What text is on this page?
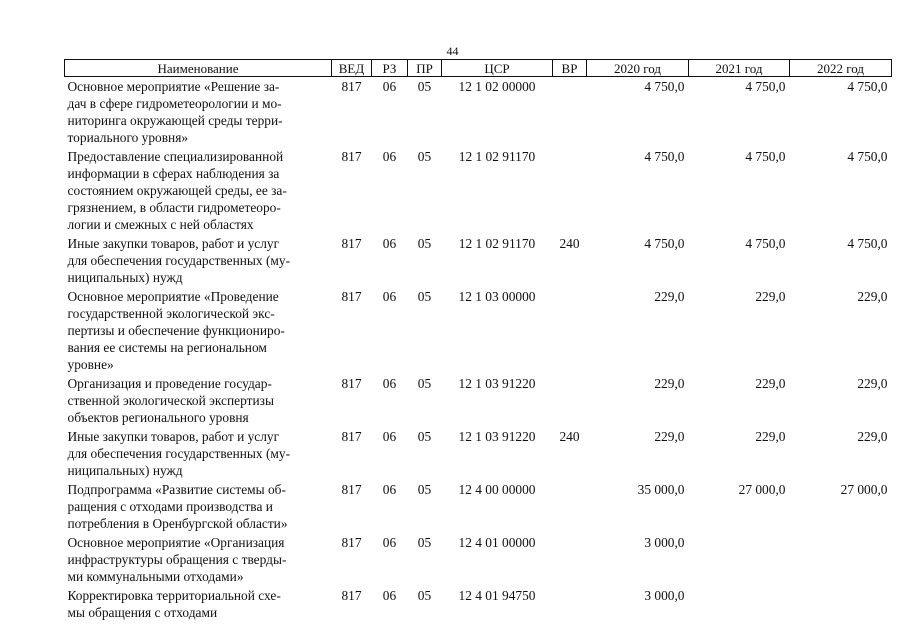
44
Наименование	ВЕД	РЗ	ПР	ЦСР	ВР	2020 год	2021 год	2022 год
Основное мероприятие «Решение за-
дач в сфере гидрометеорологии и мо-
ниторинга окружающей среды терри-
ториального уровня»	817	06	05	12 1 02 00000		4 750,0	4 750,0	4 750,0
Предоставление специализированной
информации в сферах наблюдения за
состоянием окружающей среды, ее за-
грязнением, в области гидрометеоро-
логии и смежных с ней областях	817	06	05	12 1 02 91170		4 750,0	4 750,0	4 750,0
Иные закупки товаров, работ и услуг
для обеспечения государственных (му-
ниципальных) нужд	817	06	05	12 1 02 91170	240	4 750,0	4 750,0	4 750,0
Основное мероприятие «Проведение
государственной экологической экс-
пертизы и обеспечение функциониро-
вания ее системы на региональном
уровне»	817	06	05	12 1 03 00000		229,0	229,0	229,0
Организация и проведение государ-
ственной экологической экспертизы
объектов регионального уровня	817	06	05	12 1 03 91220		229,0	229,0	229,0
Иные закупки товаров, работ и услуг
для обеспечения государственных (му-
ниципальных) нужд	817	06	05	12 1 03 91220	240	229,0	229,0	229,0
Подпрограмма «Развитие системы об-
ращения с отходами производства и
потребления в Оренбургской области»	817	06	05	12 4 00 00000		35 000,0	27 000,0	27 000,0
Основное мероприятие «Организация
инфраструктуры обращения с тверды-
ми коммунальными отходами»	817	06	05	12 4 01 00000		3 000,0		
Корректировка территориальной схе-
мы обращения с отходами	817	06	05	12 4 01 94750		3 000,0		
